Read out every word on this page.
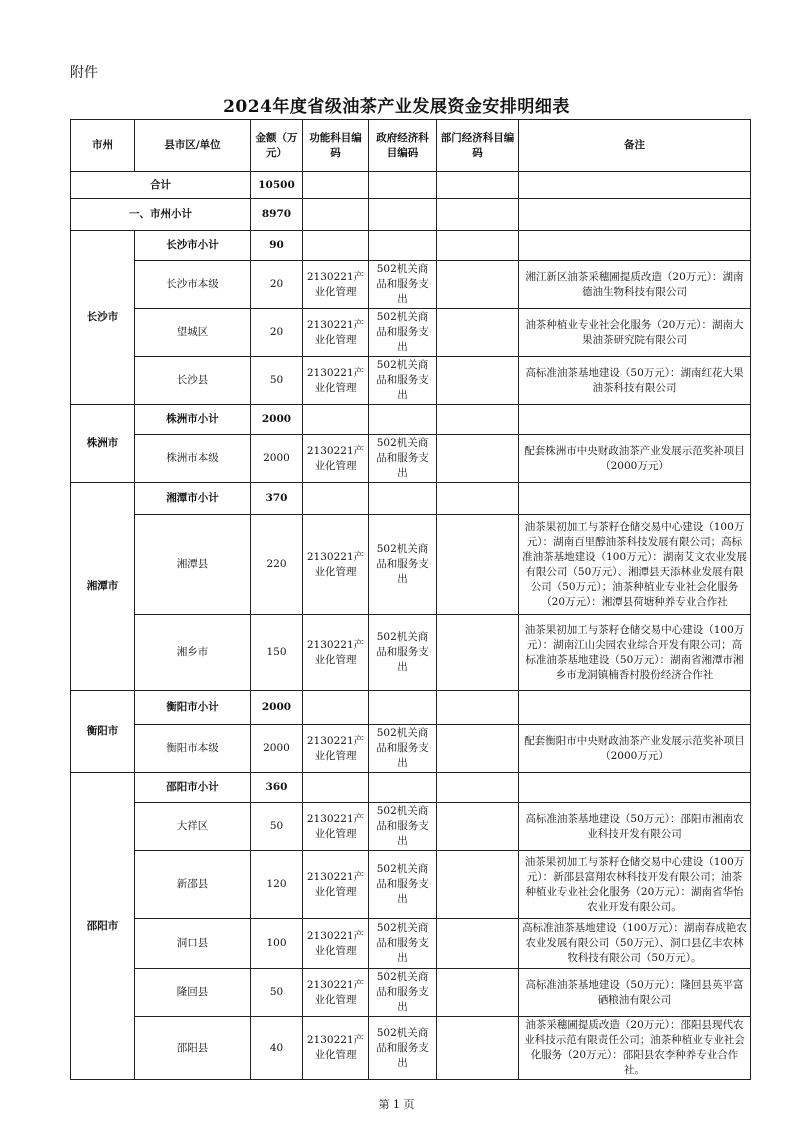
附件
2024年度省级油茶产业发展资金安排明细表
市州	县市区/单位	金额（万元）	功能科目编码	政府经济科目编码	部门经济科目编码	备注
合计		10500				
一、市州小计		8970				
长沙市	长沙市小计	90				
	长沙市本级	20	2130221产业化管理	502机关商品和服务支出		湘江新区油茶采穗圃提质改造（20万元）：湖南德油生物科技有限公司
	望城区	20	2130221产业化管理	502机关商品和服务支出		油茶种植业专业社会化服务（20万元）：湖南大果油茶研究院有限公司
	长沙县	50	2130221产业化管理	502机关商品和服务支出		高标准油茶基地建设（50万元）：湖南红花大果油茶科技有限公司
株洲市	株洲市小计	2000				
	株洲市本级	2000	2130221产业化管理	502机关商品和服务支出		配套株洲市中央财政油茶产业发展示范奖补项目（2000万元）
湘潭市	湘潭市小计	370				
	湘潭县	220	2130221产业化管理	502机关商品和服务支出		油茶果初加工与茶籽仓储交易中心建设（100万元）：湖南百里醇油茶科技发展有限公司；高标准油茶基地建设（100万元）：湖南艾文农业发展有限公司（50万元）、湘潭县天添林业发展有限公司（50万元）；油茶种植业专业社会化服务（20万元）：湘潭县荷塘种养专业合作社
	湘乡市	150	2130221产业化管理	502机关商品和服务支出		油茶果初加工与茶籽仓储交易中心建设（100万元）：湖南江山尖园农业综合开发有限公司；高标准油茶基地建设（50万元）：湖南省湘潭市湘乡市龙洞镇楠香村股份经济合作社
衡阳市	衡阳市小计	2000				
	衡阳市本级	2000	2130221产业化管理	502机关商品和服务支出		配套衡阳市中央财政油茶产业发展示范奖补项目（2000万元）
邵阳市	邵阳市小计	360				
	大祥区	50	2130221产业化管理	502机关商品和服务支出		高标准油茶基地建设（50万元）：邵阳市湘南农业科技开发有限公司
	新邵县	120	2130221产业化管理	502机关商品和服务支出		油茶果初加工与茶籽仓储交易中心建设（100万元）：新邵县富翔农林科技开发有限公司；油茶种植业专业社会化服务（20万元）：湖南省华怡农业开发有限公司。
	洞口县	100	2130221产业化管理	502机关商品和服务支出		高标准油茶基地建设（100万元）：湖南春成艳农农业发展有限公司（50万元）、洞口县亿丰农林牧科技有限公司（50万元）。
	隆回县	50	2130221产业化管理	502机关商品和服务支出		高标准油茶基地建设（50万元）：隆回县英平富硒粮油有限公司
	邵阳县	40	2130221产业化管理	502机关商品和服务支出		油茶采穗圃提质改造（20万元）：邵阳县现代农业科技示范有限责任公司；油茶种植业专业社会化服务（20万元）：邵阳县农李种养专业合作社。
第 1 页
